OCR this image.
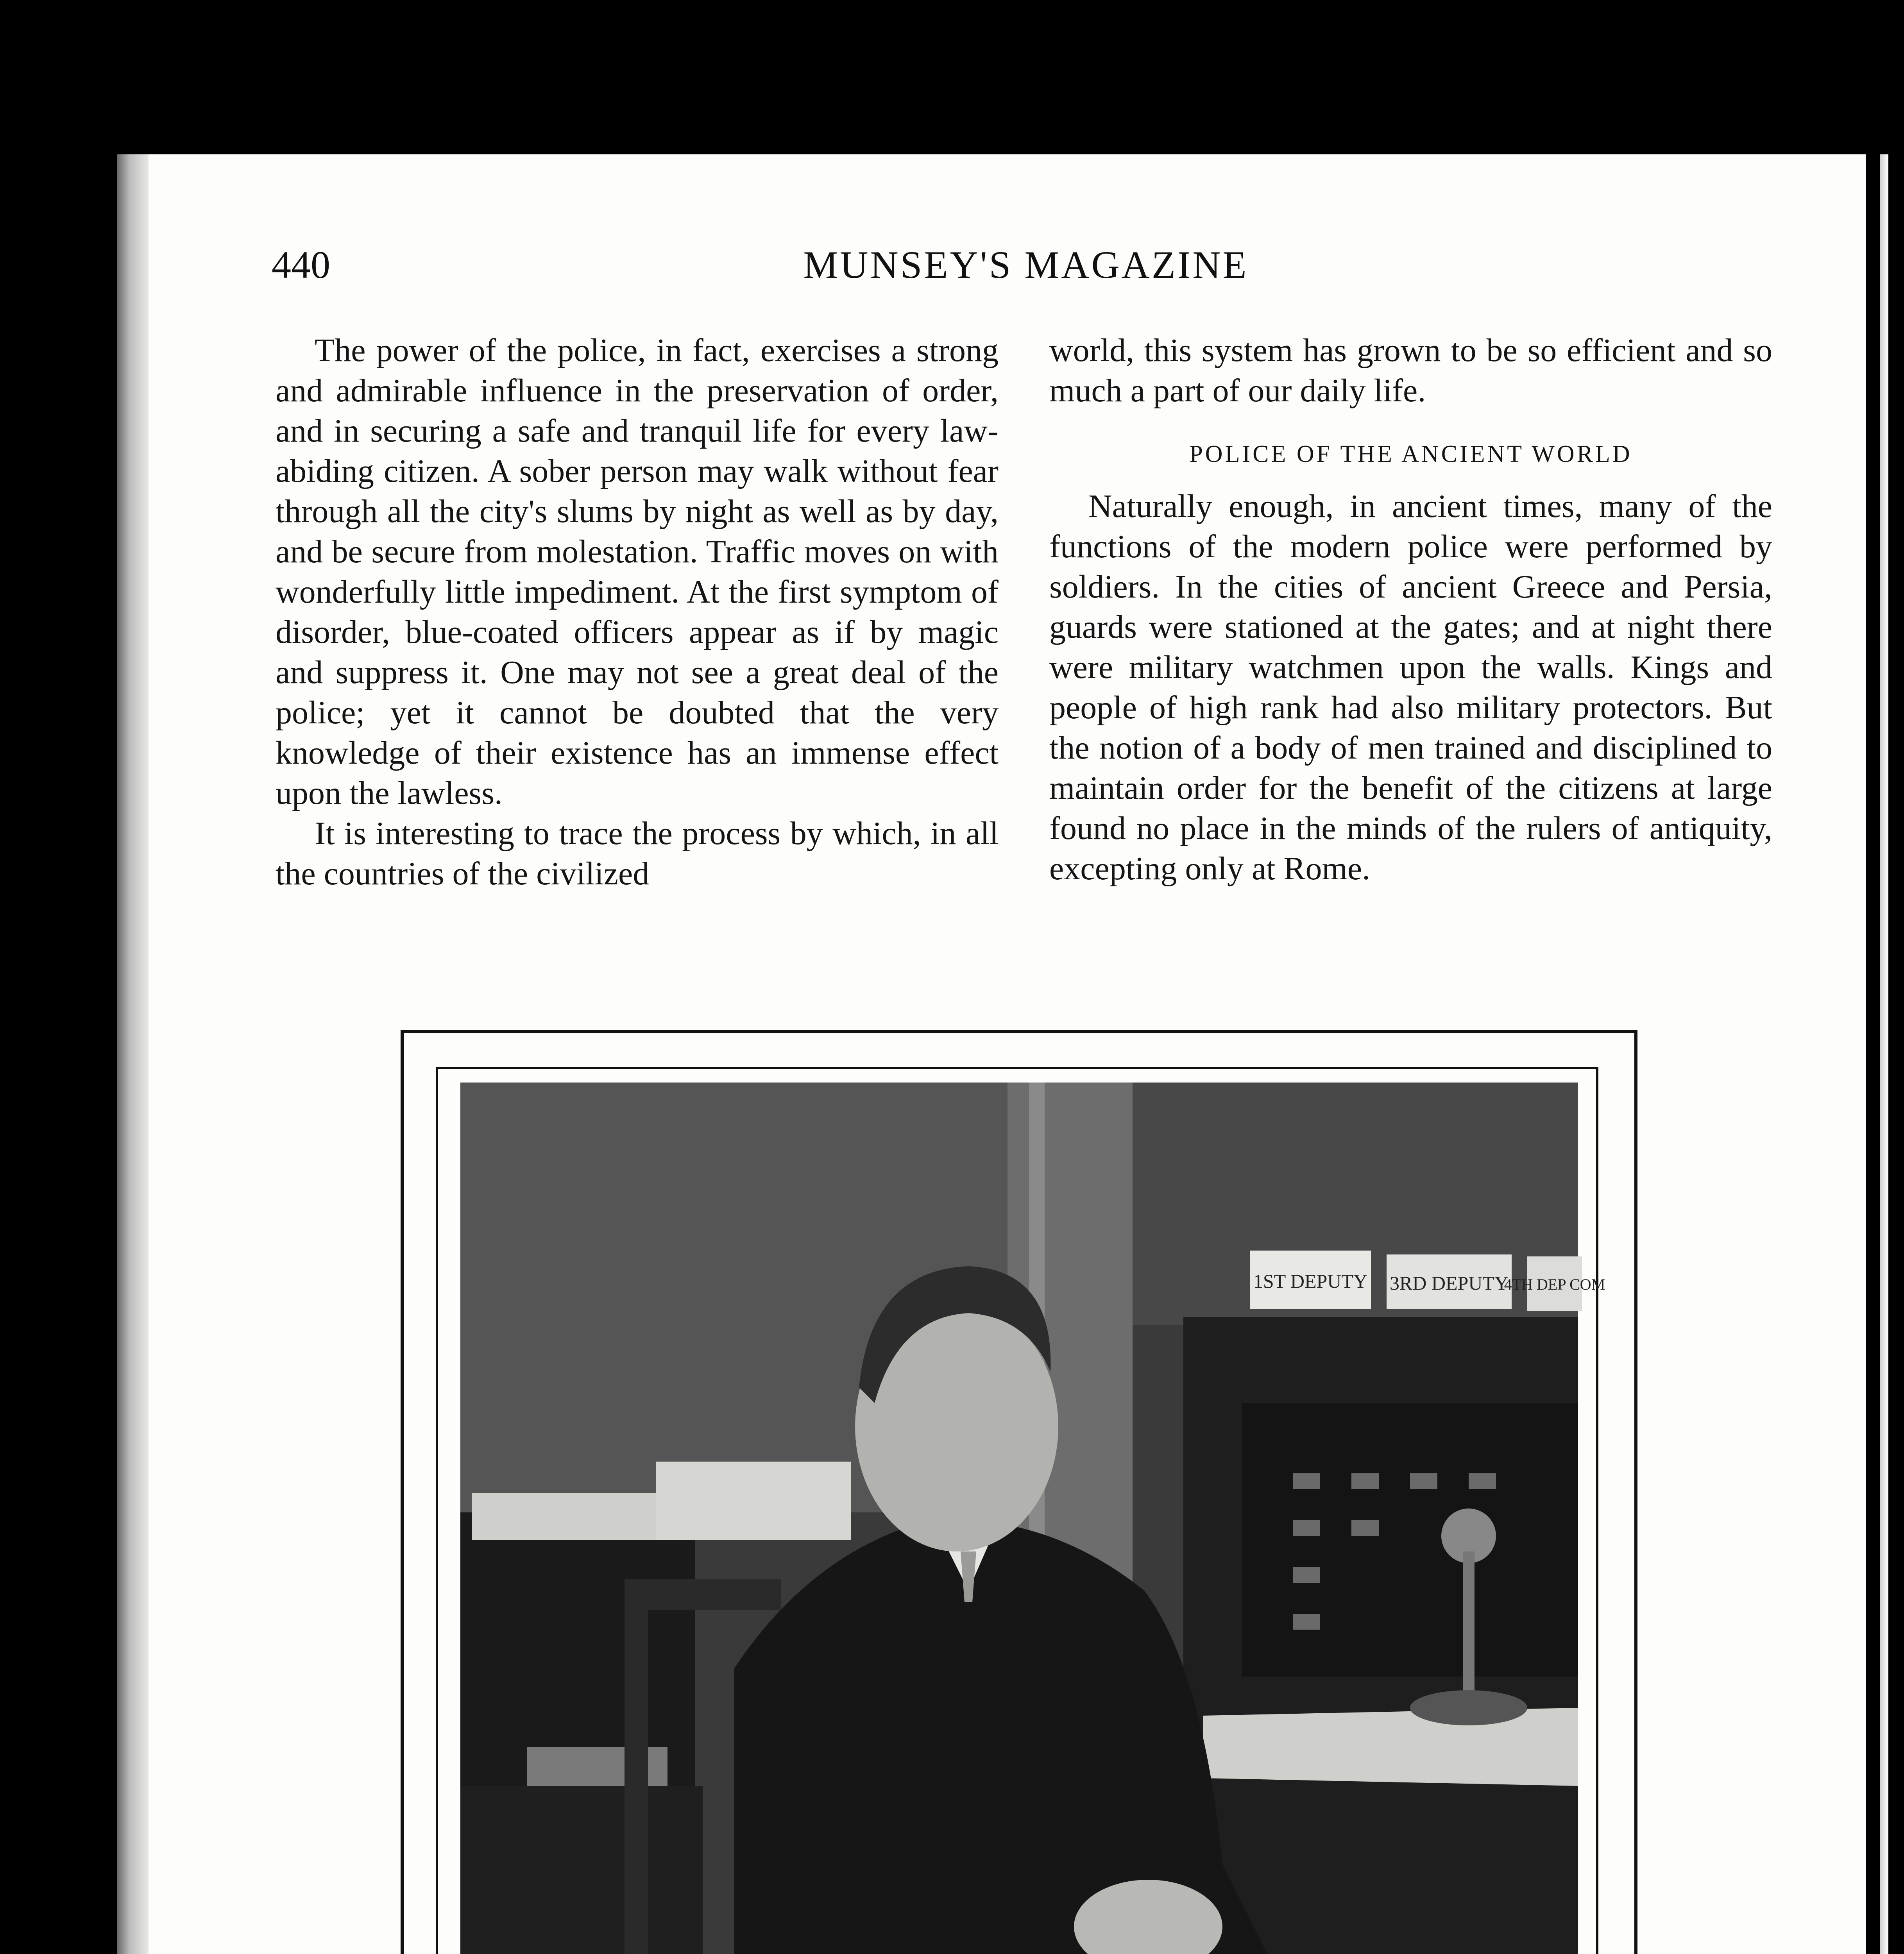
440	MUNSEY'S MAGAZINE

The power of the police, in fact, exercises a strong and admirable influence in the preservation of order, and in securing a safe and tranquil life for every law-abiding citizen. A sober person may walk without fear through all the city's slums by night as well as by day, and be secure from molestation. Traffic moves on with wonderfully little impediment. At the first symptom of disorder, blue-coated officers appear as if by magic and suppress it. One may not see a great deal of the police; yet it cannot be doubted that the very knowledge of their existence has an immense effect upon the lawless.

It is interesting to trace the process by which, in all the countries of the civilized

world, this system has grown to be so efficient and so much a part of our daily life.

POLICE OF THE ANCIENT WORLD

Naturally enough, in ancient times, many of the functions of the modern police were performed by soldiers. In the cities of ancient Greece and Persia, guards were stationed at the gates; and at night there were military watchmen upon the walls. Kings and people of high rank had also military protectors. But the notion of a body of men trained and disciplined to maintain order for the benefit of the citizens at large found no place in the minds of the rulers of antiquity, excepting only at Rome.

1ST DEPUTY 3RD DEPUTY
4TH DEP COM
